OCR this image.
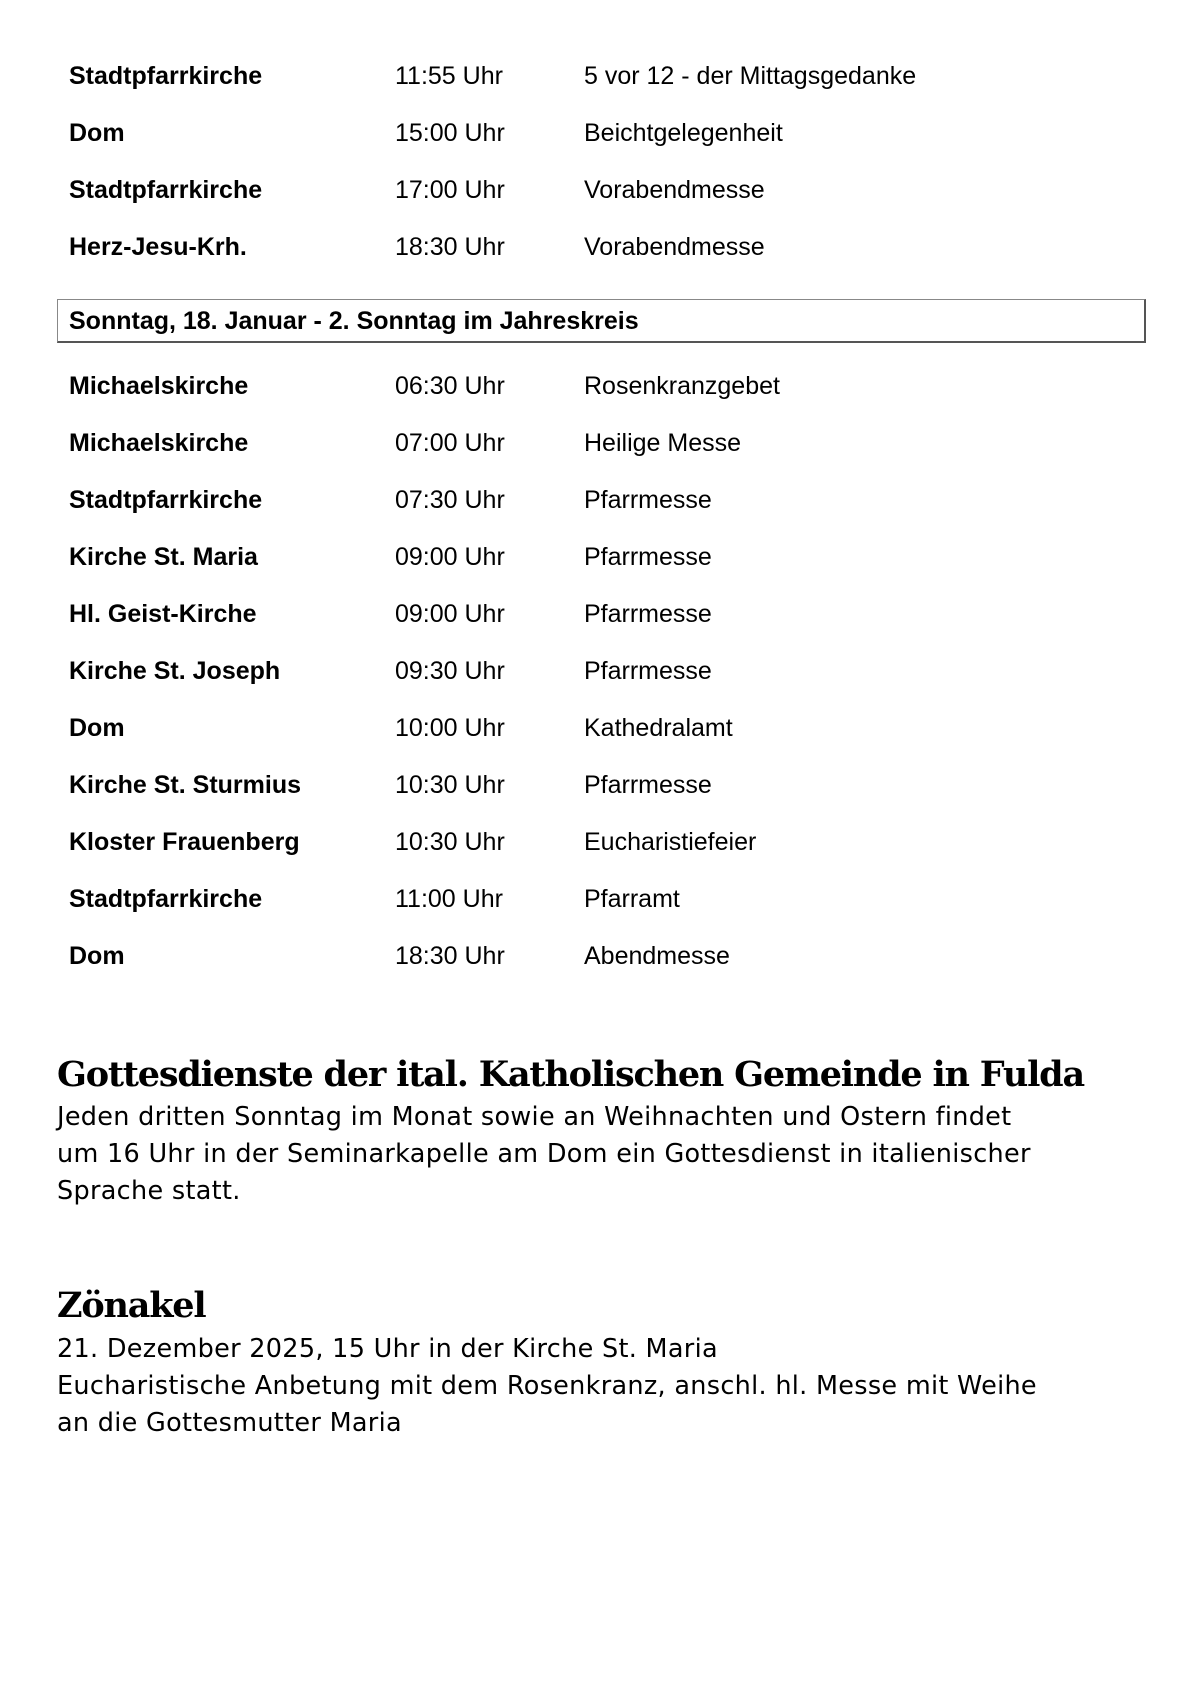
Stadtpfarrkirche	11:55 Uhr	5 vor 12 - der Mittagsgedanke
Dom	15:00 Uhr	Beichtgelegenheit
Stadtpfarrkirche	17:00 Uhr	Vorabendmesse
Herz-Jesu-Krh.	18:30 Uhr	Vorabendmesse
Sonntag, 18. Januar - 2. Sonntag im Jahreskreis
Michaelskirche	06:30 Uhr	Rosenkranzgebet
Michaelskirche	07:00 Uhr	Heilige Messe
Stadtpfarrkirche	07:30 Uhr	Pfarrmesse
Kirche St. Maria	09:00 Uhr	Pfarrmesse
Hl. Geist-Kirche	09:00 Uhr	Pfarrmesse
Kirche St. Joseph	09:30 Uhr	Pfarrmesse
Dom	10:00 Uhr	Kathedralamt
Kirche St. Sturmius	10:30 Uhr	Pfarrmesse
Kloster Frauenberg	10:30 Uhr	Eucharistiefeier
Stadtpfarrkirche	11:00 Uhr	Pfarramt
Dom	18:30 Uhr	Abendmesse
Gottesdienste der ital. Katholischen Gemeinde in Fulda
Jeden dritten Sonntag im Monat sowie an Weihnachten und Ostern findet
um 16 Uhr in der Seminarkapelle am Dom ein Gottesdienst in italienischer
Sprache statt.
Zönakel
21. Dezember 2025, 15 Uhr in der Kirche St. Maria
Eucharistische Anbetung mit dem Rosenkranz, anschl. hl. Messe mit Weihe
an die Gottesmutter Maria
